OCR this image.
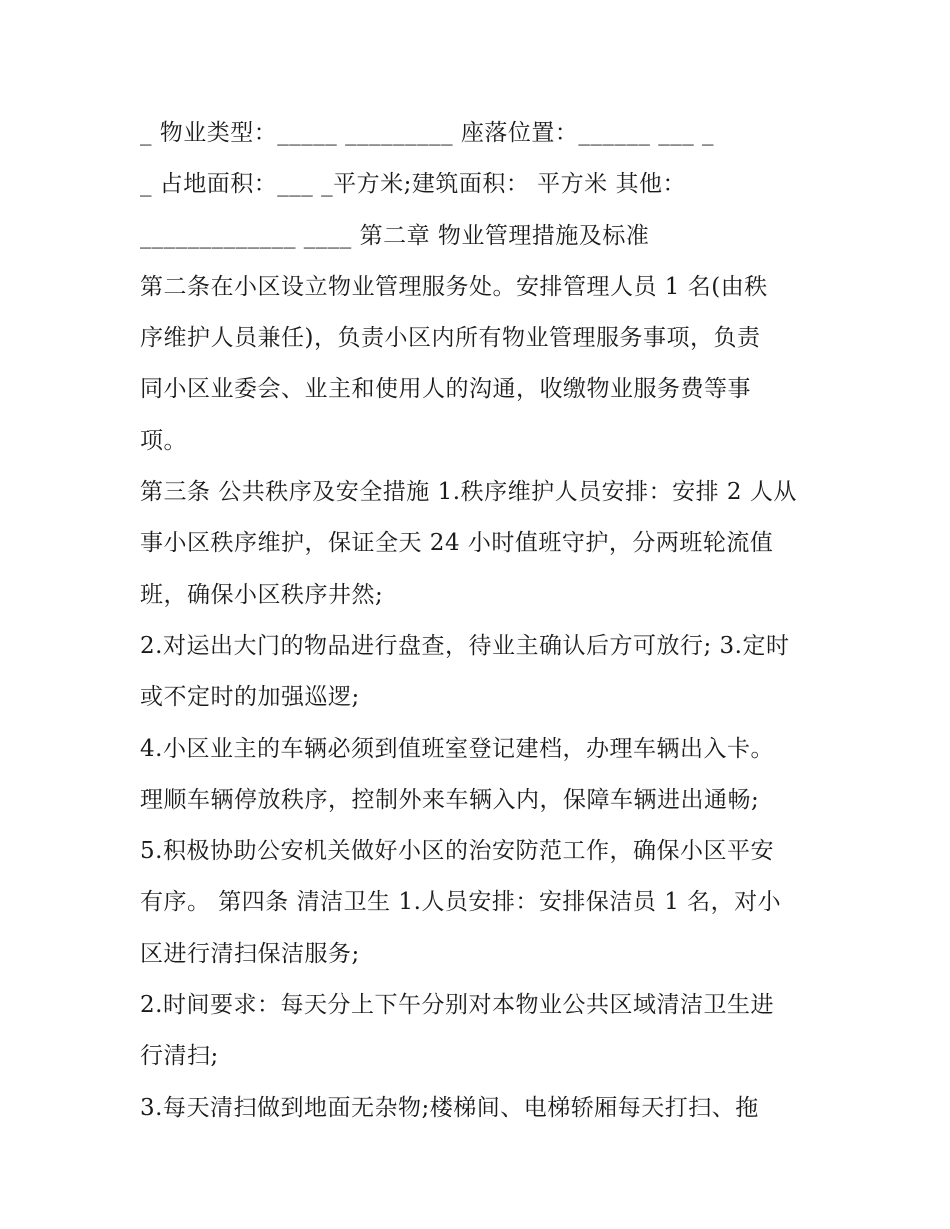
_ 物业类型：_____ _________ 座落位置：______ ___ _
_ 占地面积：___ _平方米;建筑面积： 平方米 其他：
_____________ ____ 第二章 物业管理措施及标准
第二条在小区设立物业管理服务处。安排管理人员 1 名(由秩
序维护人员兼任)，负责小区内所有物业管理服务事项，负责
同小区业委会、业主和使用人的沟通，收缴物业服务费等事
项。
第三条 公共秩序及安全措施 1.秩序维护人员安排：安排 2 人从
事小区秩序维护，保证全天 24 小时值班守护，分两班轮流值
班，确保小区秩序井然;
2.对运出大门的物品进行盘查，待业主确认后方可放行; 3.定时
或不定时的加强巡逻;
4.小区业主的车辆必须到值班室登记建档，办理车辆出入卡。
理顺车辆停放秩序，控制外来车辆入内，保障车辆进出通畅;
5.积极协助公安机关做好小区的治安防范工作，确保小区平安
有序。 第四条 清洁卫生 1.人员安排：安排保洁员 1 名，对小
区进行清扫保洁服务;
2.时间要求：每天分上下午分别对本物业公共区域清洁卫生进
行清扫;
3.每天清扫做到地面无杂物;楼梯间、电梯轿厢每天打扫、拖
